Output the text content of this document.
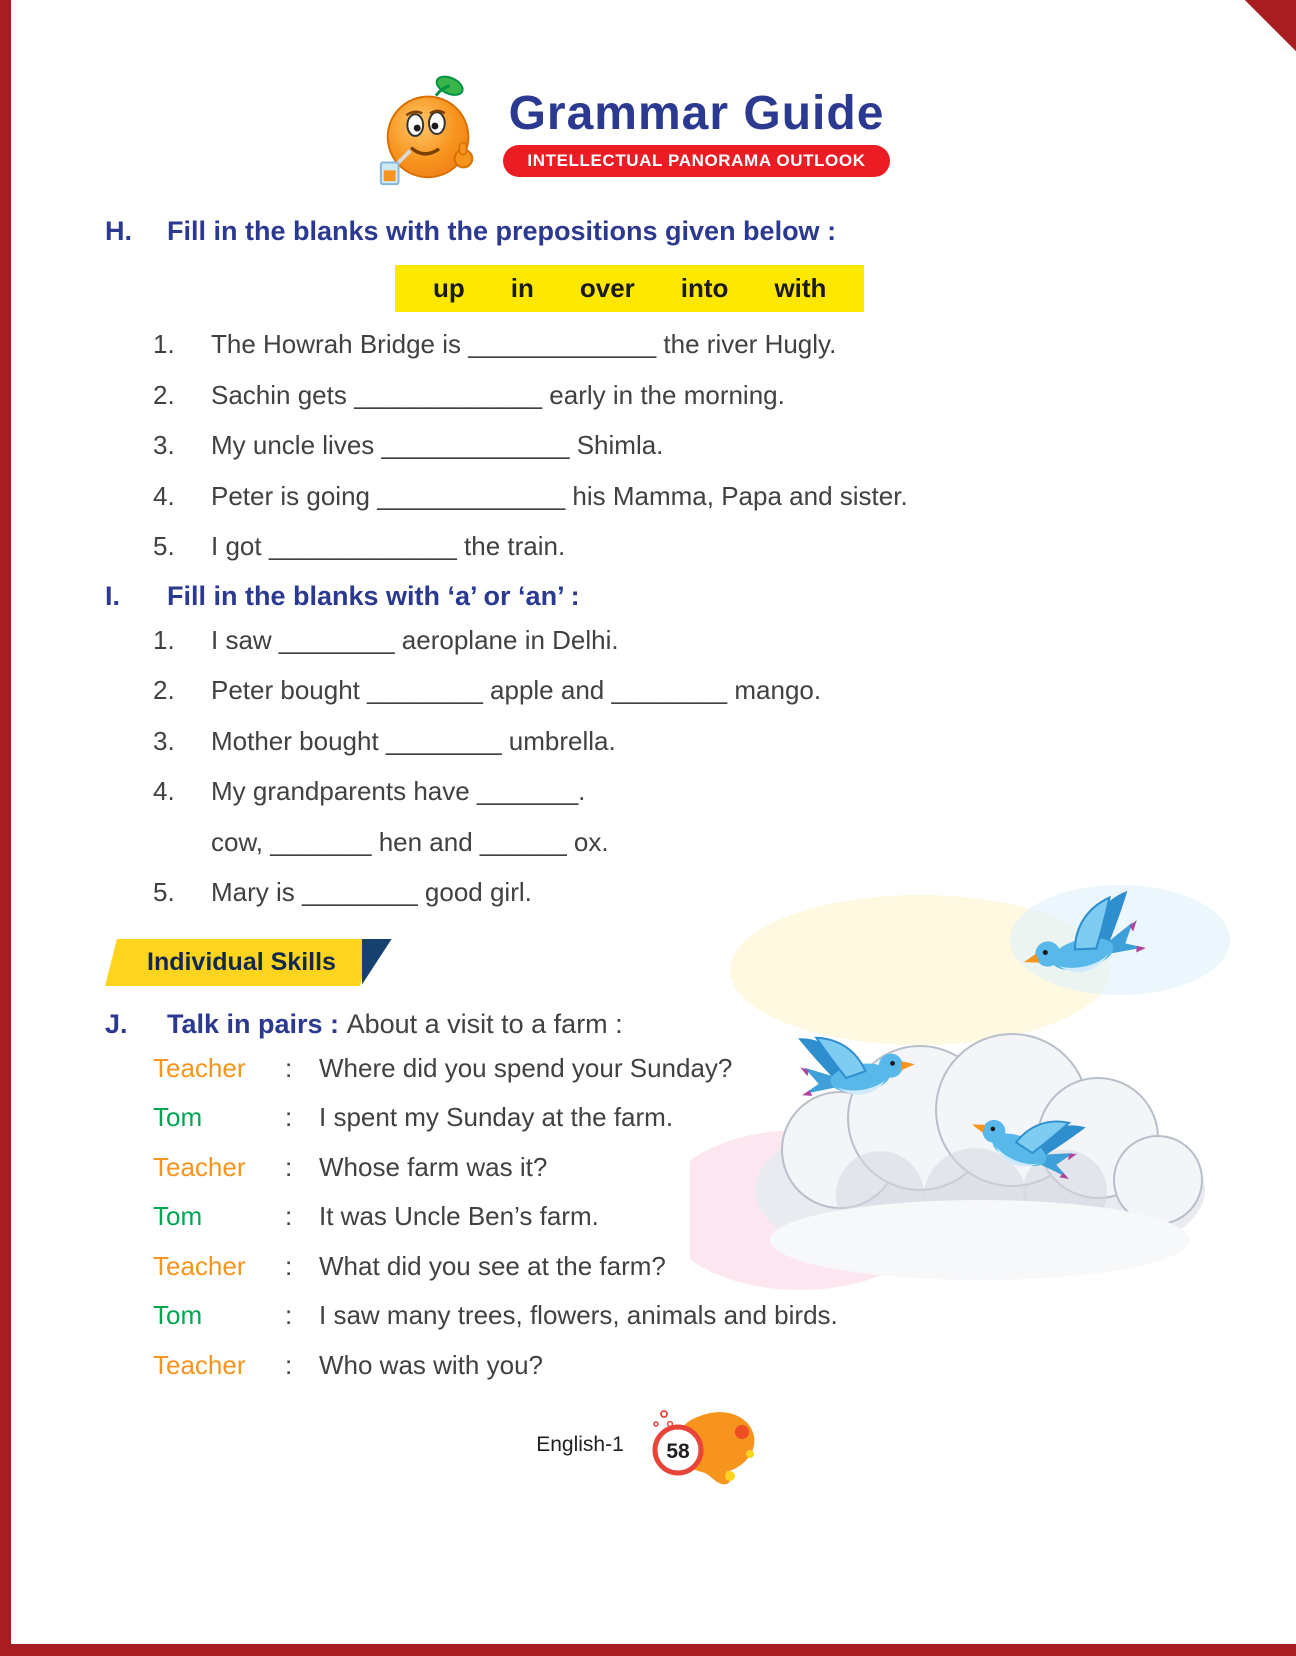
Grammar Guide
INTELLECTUAL PANORAMA OUTLOOK
H.	Fill in the blanks with the prepositions given below :
up in over into with
1.	The Howrah Bridge is _____________ the river Hugly.
2.	Sachin gets _____________ early in the morning.
3.	My uncle lives _____________ Shimla.
4.	Peter is going _____________ his Mamma, Papa and sister.
5.	I got _____________ the train.
I.	Fill in the blanks with ‘a’ or ‘an’ :
1.	I saw ________ aeroplane in Delhi.
2.	Peter bought ________ apple and ________ mango.
3.	Mother bought ________ umbrella.
4.	My grandparents have _______.
cow, _______ hen and ______ ox.
5.	Mary is ________ good girl.
Individual Skills
J.	Talk in pairs : About a visit to a farm :
Teacher	:	Where did you spend your Sunday?
Tom	:	I spent my Sunday at the farm.
Teacher	:	Whose farm was it?
Tom	:	It was Uncle Ben’s farm.
Teacher	:	What did you see at the farm?
Tom	:	I saw many trees, flowers, animals and birds.
Teacher	:	Who was with you?
English-1 58
